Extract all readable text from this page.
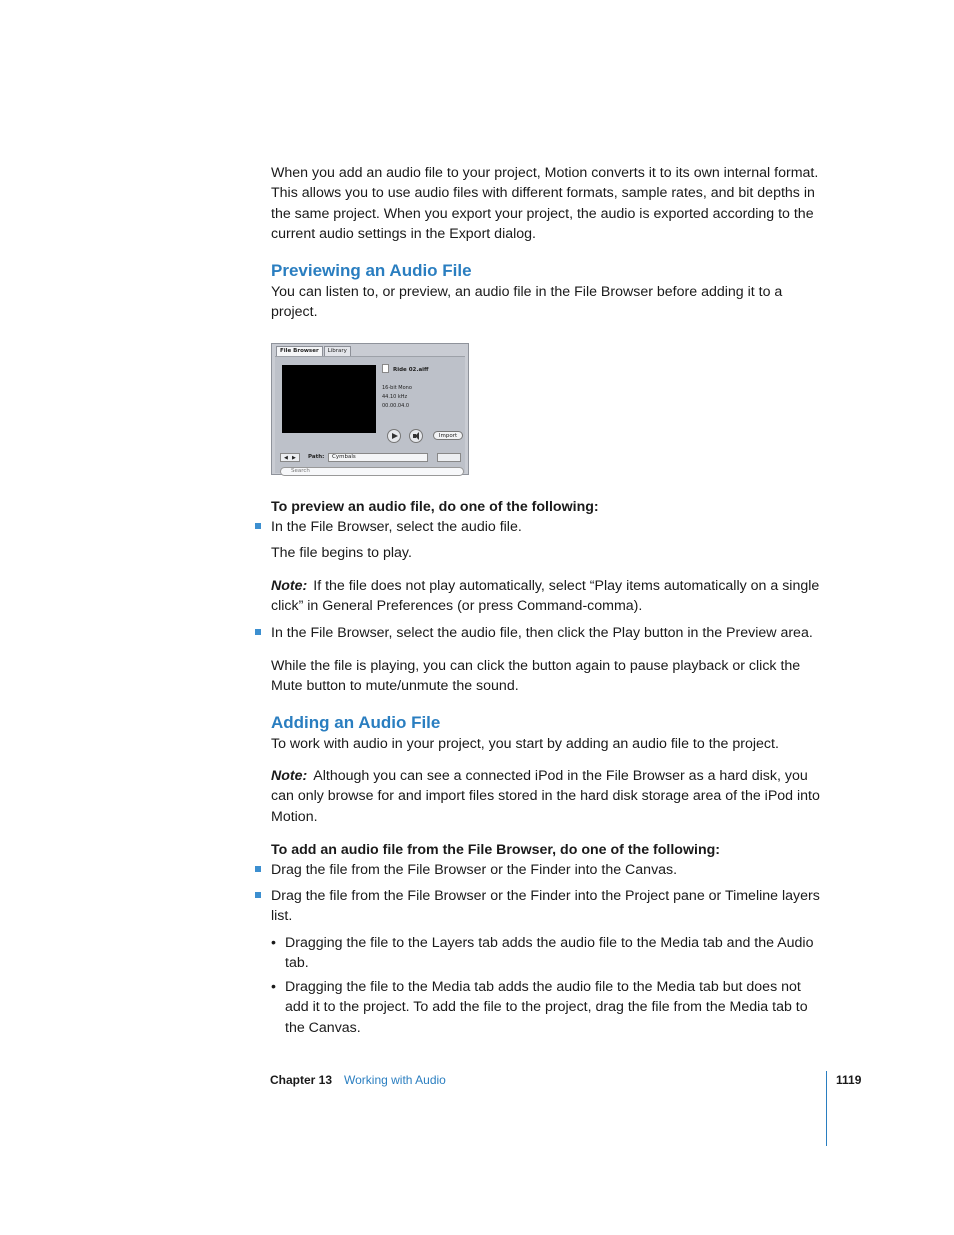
When you add an audio file to your project, Motion converts it to its own internal format. This allows you to use audio files with different formats, sample rates, and bit depths in the same project. When you export your project, the audio is exported according to the current audio settings in the Export dialog.

Previewing an Audio File

You can listen to, or preview, an audio file in the File Browser before adding it to a project.

File Browser	Library
Ride 02.aiff
16-bit Mono
44.10 kHz
00.00.04.0
Import
◀ ▶ Path:	Cymbals
Search

To preview an audio file, do one of the following:

In the File Browser, select the audio file.

The file begins to play.

Note: If the file does not play automatically, select “Play items automatically on a single click” in General Preferences (or press Command-comma).

In the File Browser, select the audio file, then click the Play button in the Preview area.

While the file is playing, you can click the button again to pause playback or click the Mute button to mute/unmute the sound.

Adding an Audio File

To work with audio in your project, you start by adding an audio file to the project.

Note: Although you can see a connected iPod in the File Browser as a hard disk, you can only browse for and import files stored in the hard disk storage area of the iPod into Motion.

To add an audio file from the File Browser, do one of the following:

Drag the file from the File Browser or the Finder into the Canvas.

Drag the file from the File Browser or the Finder into the Project pane or Timeline layers list.

• Dragging the file to the Layers tab adds the audio file to the Media tab and the Audio tab.

• Dragging the file to the Media tab adds the audio file to the Media tab but does not add it to the project. To add the file to the project, drag the file from the Media tab to the Canvas.

Chapter 13 Working with Audio	1119
